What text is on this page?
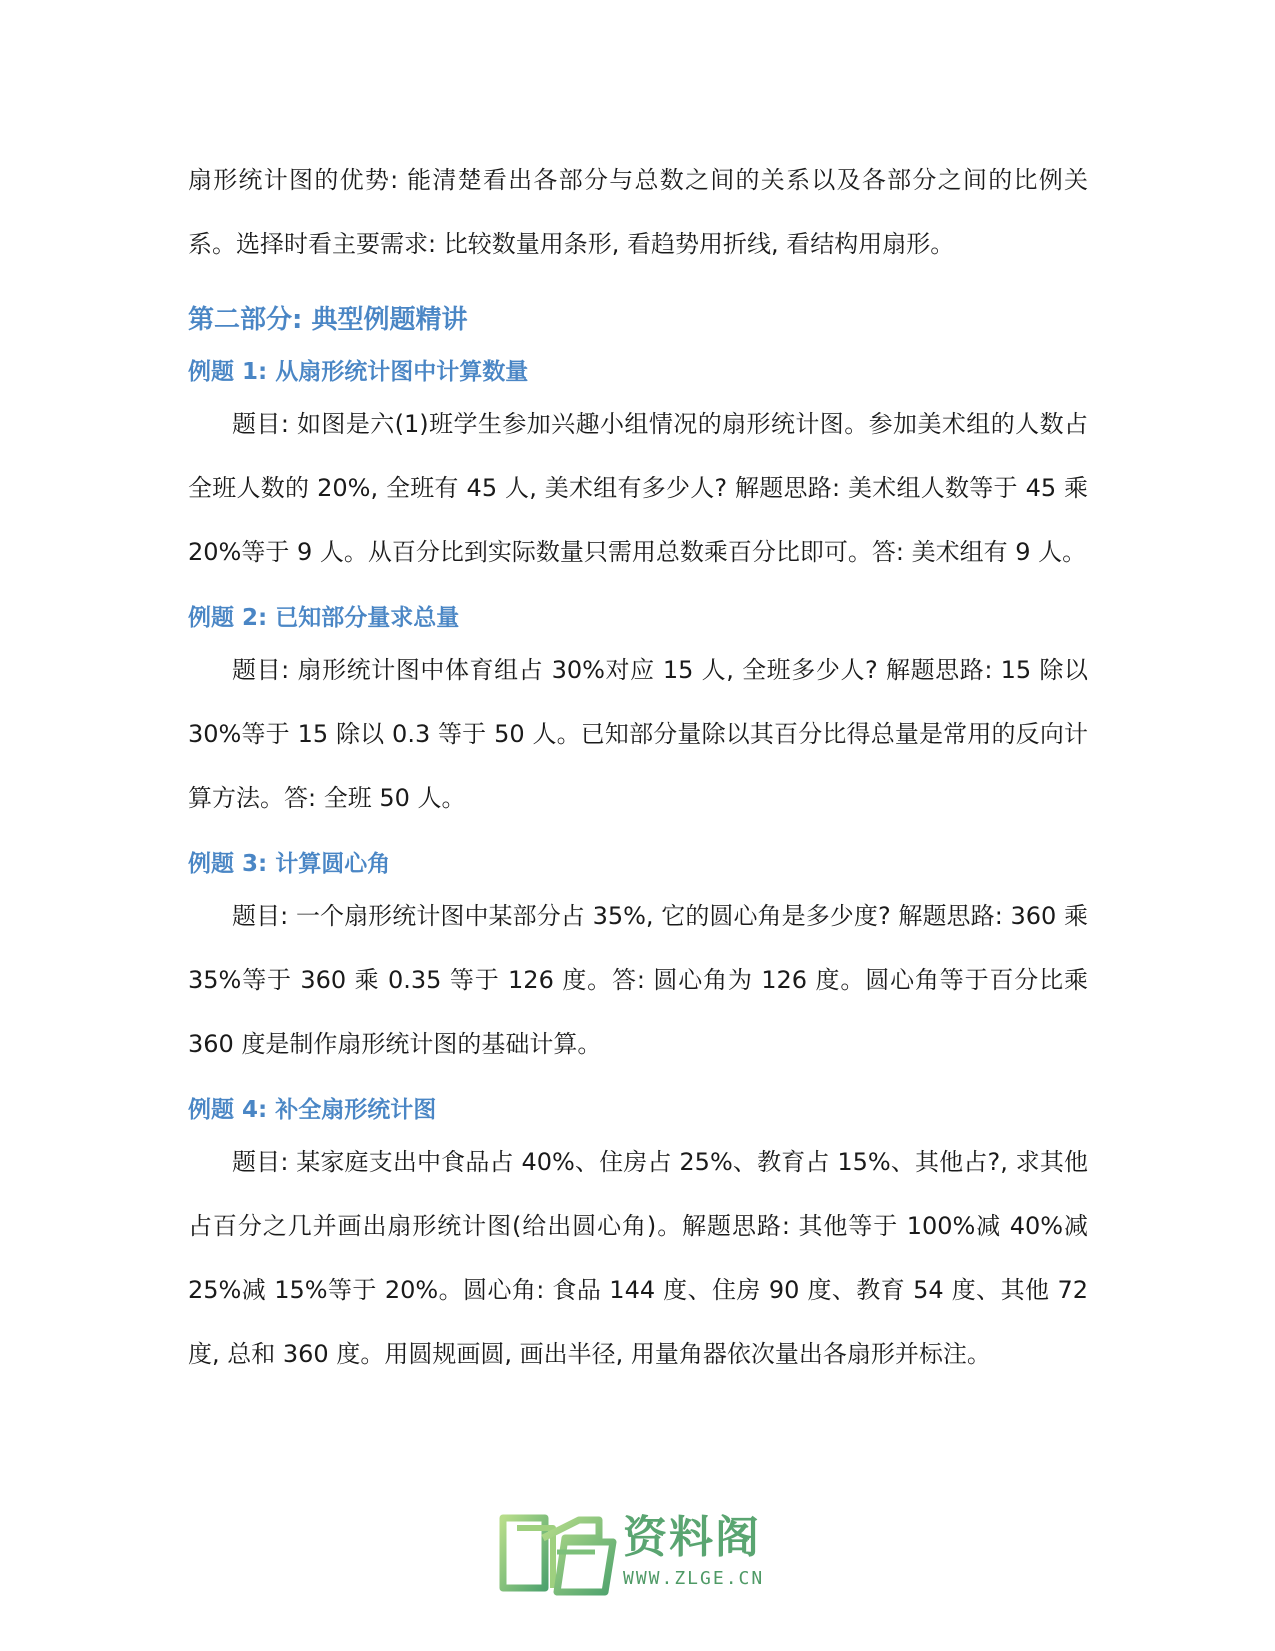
扇形统计图的优势: 能清楚看出各部分与总数之间的关系以及各部分之间的比例关系。选择时看主要需求: 比较数量用条形, 看趋势用折线, 看结构用扇形。

第二部分: 典型例题精讲
例题 1: 从扇形统计图中计算数量

题目: 如图是六(1)班学生参加兴趣小组情况的扇形统计图。参加美术组的人数占全班人数的 20%, 全班有 45 人, 美术组有多少人? 解题思路: 美术组人数等于 45 乘 20%等于 9 人。从百分比到实际数量只需用总数乘百分比即可。答: 美术组有 9 人。

例题 2: 已知部分量求总量

题目: 扇形统计图中体育组占 30%对应 15 人, 全班多少人? 解题思路: 15 除以 30%等于 15 除以 0.3 等于 50 人。已知部分量除以其百分比得总量是常用的反向计算方法。答: 全班 50 人。

例题 3: 计算圆心角

题目: 一个扇形统计图中某部分占 35%, 它的圆心角是多少度? 解题思路: 360 乘 35%等于 360 乘 0.35 等于 126 度。答: 圆心角为 126 度。圆心角等于百分比乘 360 度是制作扇形统计图的基础计算。

例题 4: 补全扇形统计图

题目: 某家庭支出中食品占 40%、住房占 25%、教育占 15%、其他占?, 求其他占百分之几并画出扇形统计图(给出圆心角)。解题思路: 其他等于 100%减 40%减 25%减 15%等于 20%。圆心角: 食品 144 度、住房 90 度、教育 54 度、其他 72 度, 总和 360 度。用圆规画圆, 画出半径, 用量角器依次量出各扇形并标注。

资料阁
WWW.ZLGE.CN
